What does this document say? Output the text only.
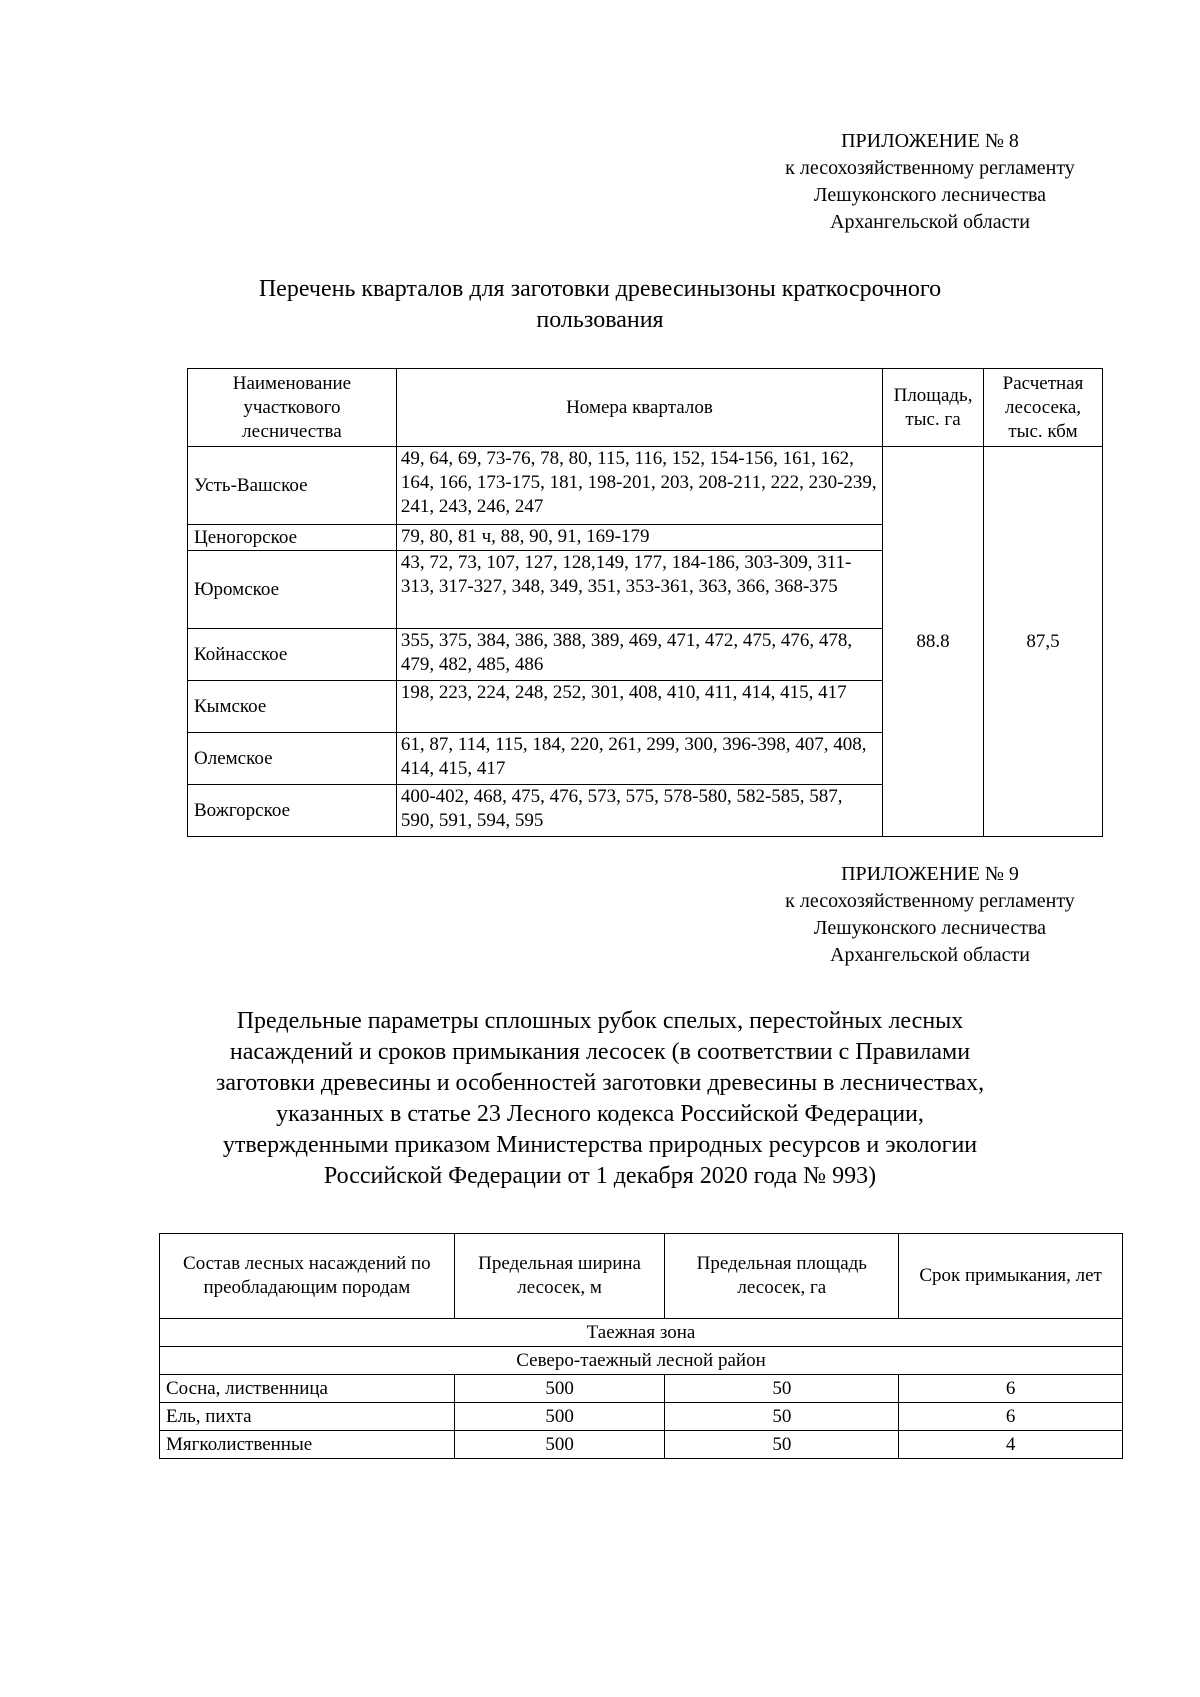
ПРИЛОЖЕНИЕ № 8
к лесохозяйственному регламенту
Лешуконского лесничества
Архангельской области
Перечень кварталов для заготовки древесинызоны краткосрочного
пользования
Наименование участкового лесничества	Номера кварталов	Площадь, тыс. га	Расчетная лесосека, тыс. кбм
Усть-Вашское	49, 64, 69, 73-76, 78, 80, 115, 116, 152, 154-156, 161, 162, 164, 166, 173-175, 181, 198-201, 203, 208-211, 222, 230-239, 241, 243, 246, 247	88.8	87,5
Ценогорское	79, 80, 81 ч, 88, 90, 91, 169-179		
Юромское	43, 72, 73, 107, 127, 128,149, 177, 184-186, 303-309, 311-313, 317-327, 348, 349, 351, 353-361, 363, 366, 368-375		
Койнасское	355, 375, 384, 386, 388, 389, 469, 471, 472, 475, 476, 478, 479, 482, 485, 486		
Кымское	198, 223, 224, 248, 252, 301, 408, 410, 411, 414, 415, 417		
Олемское	61, 87, 114, 115, 184, 220, 261, 299, 300, 396-398, 407, 408, 414, 415, 417		
Вожгорское	400-402, 468, 475, 476, 573, 575, 578-580, 582-585, 587, 590, 591, 594, 595		
ПРИЛОЖЕНИЕ № 9
к лесохозяйственному регламенту
Лешуконского лесничества
Архангельской области
Предельные параметры сплошных рубок спелых, перестойных лесных
насаждений и сроков примыкания лесосек (в соответствии с Правилами
заготовки древесины и особенностей заготовки древесины в лесничествах,
указанных в статье 23 Лесного кодекса Российской Федерации,
утвержденными приказом Министерства природных ресурсов и экологии
Российской Федерации от 1 декабря 2020 года № 993)
Состав лесных насаждений по преобладающим породам	Предельная ширина лесосек, м	Предельная площадь лесосек, га	Срок примыкания, лет
Таежная зона			
Северо-таежный лесной район			
Сосна, лиственница	500	50	6
Ель, пихта	500	50	6
Мягколиственные	500	50	4
